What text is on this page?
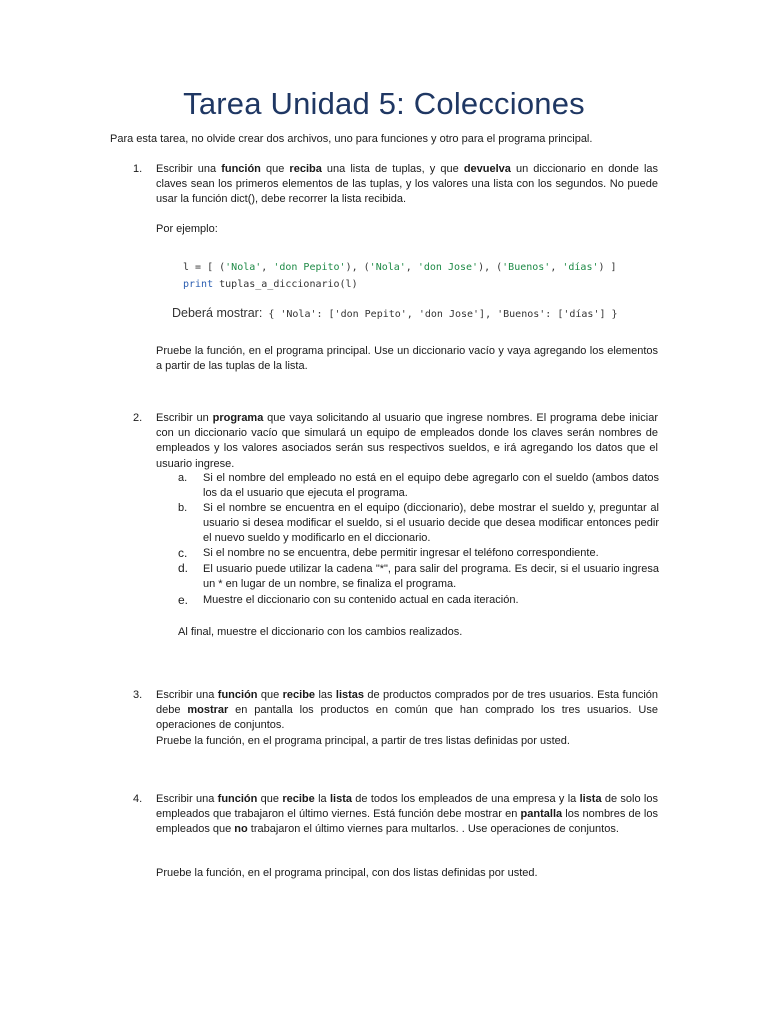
Tarea Unidad 5: Colecciones

Para esta tarea, no olvide crear dos archivos, uno para funciones y otro para el programa principal.

1. Escribir una función que reciba una lista de tuplas, y que devuelva un diccionario en donde las claves sean los primeros elementos de las tuplas, y los valores una lista con los segundos. No puede usar la función dict(), debe recorrer la lista recibida.

Por ejemplo:
l = [ ('Nola', 'don Pepito'), ('Nola', 'don Jose'), ('Buenos', 'días') ]
print tuplas_a_diccionario(l)
Deberá mostrar: { 'Nola': ['don Pepito', 'don Jose'], 'Buenos': ['días'] }

Pruebe la función, en el programa principal. Use un diccionario vacío y vaya agregando los elementos a partir de las tuplas de la lista.

2. Escribir un programa que vaya solicitando al usuario que ingrese nombres. El programa debe iniciar con un diccionario vacío que simulará un equipo de empleados donde los claves serán nombres de empleados y los valores asociados serán sus respectivos sueldos, e irá agregando los datos que el usuario ingrese.

a. Si el nombre del empleado no está en el equipo debe agregarlo con el sueldo (ambos datos los da el usuario que ejecuta el programa.

b. Si el nombre se encuentra en el equipo (diccionario), debe mostrar el sueldo y, preguntar al usuario si desea modificar el sueldo, si el usuario decide que desea modificar entonces pedir el nuevo sueldo y modificarlo en el diccionario.

c. Si el nombre no se encuentra, debe permitir ingresar el teléfono correspondiente.

d. El usuario puede utilizar la cadena "*", para salir del programa. Es decir, si el usuario ingresa un * en lugar de un nombre, se finaliza el programa.

e. Muestre el diccionario con su contenido actual en cada iteración.

Al final, muestre el diccionario con los cambios realizados.

3. Escribir una función que recibe las listas de productos comprados por de tres usuarios. Esta función debe mostrar en pantalla los productos en común que han comprado los tres usuarios. Use operaciones de conjuntos.

Pruebe la función, en el programa principal, a partir de tres listas definidas por usted.

4. Escribir una función que recibe la lista de todos los empleados de una empresa y la lista de solo los empleados que trabajaron el último viernes. Está función debe mostrar en pantalla los nombres de los empleados que no trabajaron el último viernes para multarlos. . Use operaciones de conjuntos.

Pruebe la función, en el programa principal, con dos listas definidas por usted.
